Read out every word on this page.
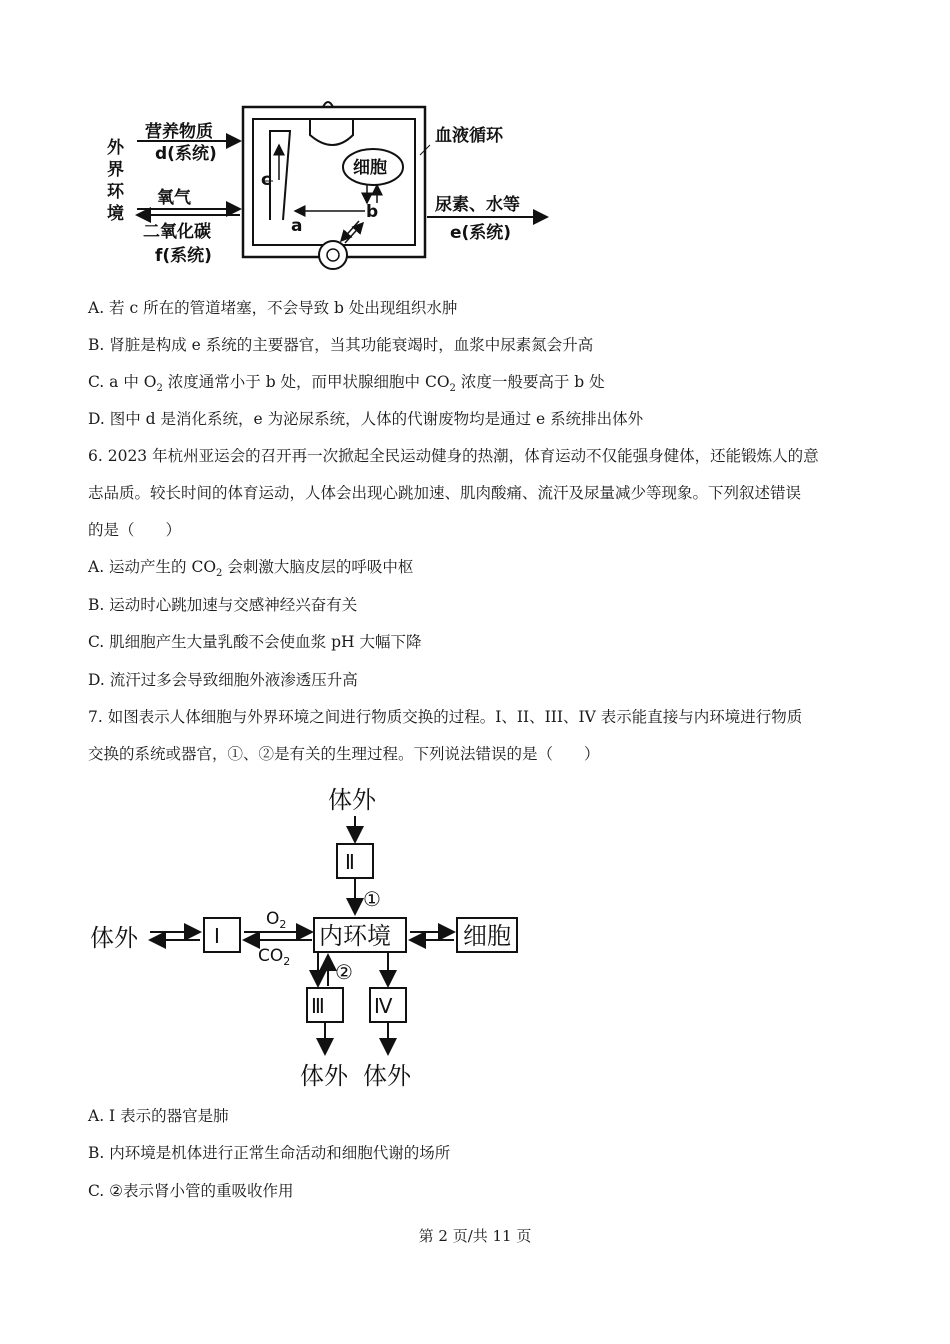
外
界
环
境
营养物质
d(系统)
氧气
二氧化碳
f(系统)
c
细胞
b
a
血液循环
尿素、水等
e(系统)
A. 若 c 所在的管道堵塞，不会导致 b 处出现组织水肿
B. 肾脏是构成 e 系统的主要器官，当其功能衰竭时，血浆中尿素氮会升高
C. a 中 $O_2$ 浓度通常小于 b 处，而甲状腺细胞中 $CO_2$ 浓度一般要高于 b 处
D. 图中 d 是消化系统，e 为泌尿系统，人体的代谢废物均是通过 e 系统排出体外
6. 2023 年杭州亚运会的召开再一次掀起全民运动健身的热潮，体育运动不仅能强身健体，还能锻炼人的意
志品质。较长时间的体育运动，人体会出现心跳加速、肌肉酸痛、流汗及尿量减少等现象。下列叙述错误
的是（　　）
A. 运动产生的 $CO_2$ 会刺激大脑皮层的呼吸中枢
B. 运动时心跳加速与交感神经兴奋有关
C. 肌细胞产生大量乳酸不会使血浆 pH 大幅下降
D. 流汗过多会导致细胞外液渗透压升高
7. 如图表示人体细胞与外界环境之间进行物质交换的过程。I、II、III、IV 表示能直接与内环境进行物质
交换的系统或器官，①、②是有关的生理过程。下列说法错误的是（　　）
体外
Ⅱ
①
体外	Ⅰ
$O_2$
$CO_2$
内环境	细胞
②
Ⅲ Ⅳ
体外 体外
A. I 表示的器官是肺
B. 内环境是机体进行正常生命活动和细胞代谢的场所
C. ②表示肾小管的重吸收作用
第 2 页/共 11 页
